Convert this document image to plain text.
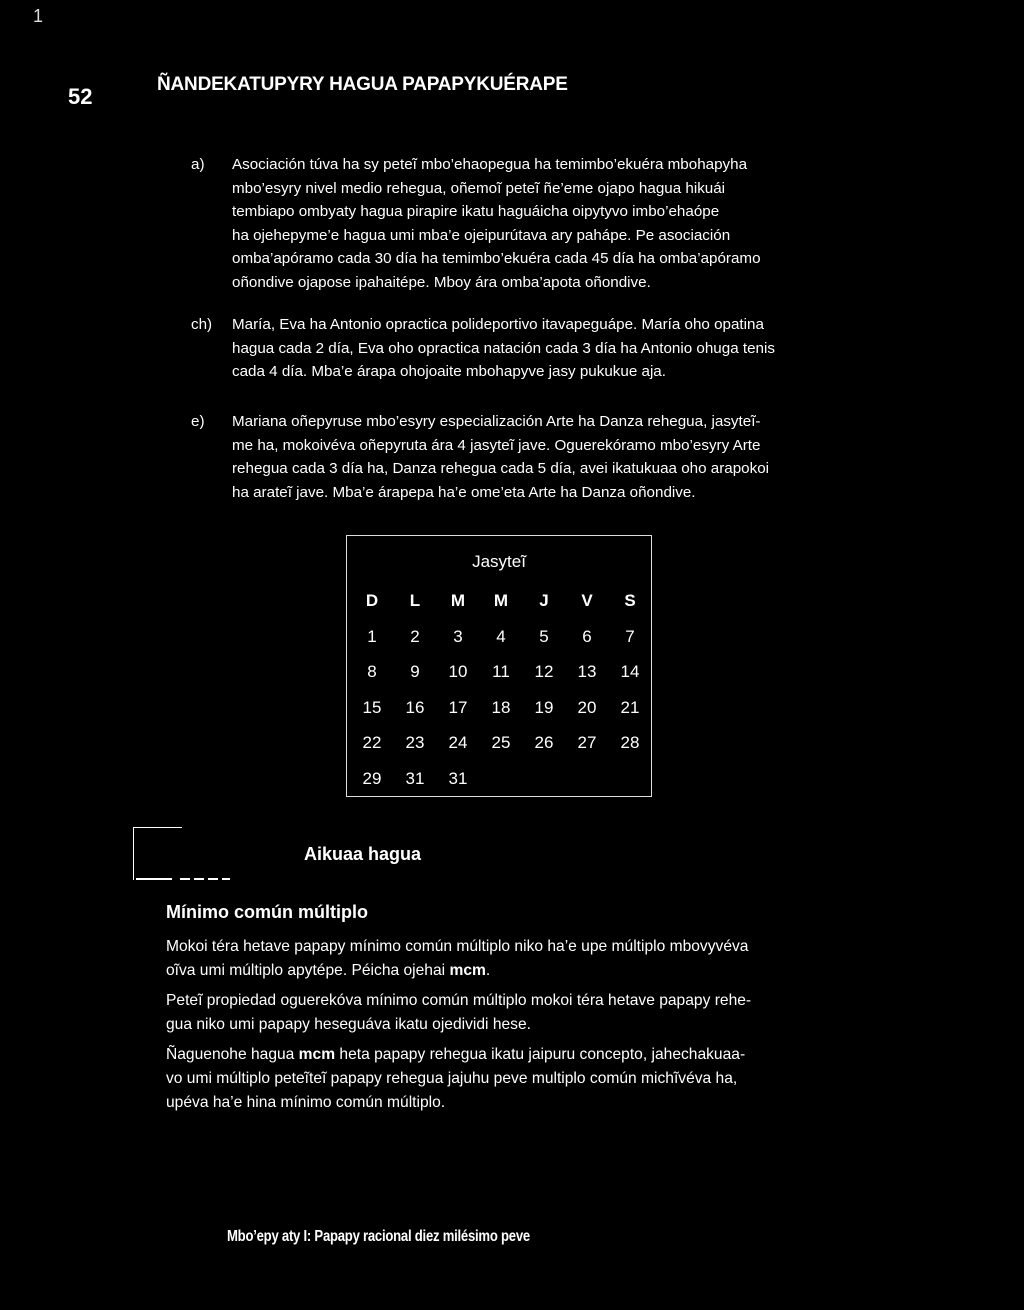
1
52	ÑANDEKATUPYRY HAGUA PAPAPYKUÉRAPE
a) Asociación túva ha sy peteĩ mbo’ehaopegua ha temimbo’ekuéra mbohapyha
mbo’esyry nivel medio rehegua, oñemoĩ peteĩ ñe’eme ojapo hagua hikuái
tembiapo ombyaty hagua pirapire ikatu haguáicha oipytyvo imbo’ehaópe
ha ojehepyme’e hagua umi mba’e ojeipurútava ary paháp​e. Pe asociación
omba’apóramo cada 30 día ha temimbo’ekuéra cada 45 día ha omba’apóramo
oñondive ojapose ipahaitépe. Mboy ára omba’apota oñondive.
ch) María, Eva ha Antonio opractica polideportivo itavapeguápe. María oho opatina
hagua cada 2 día, Eva oho opractica natación cada 3 día ha Antonio ohuga tenis
cada 4 día. Mba’e árapa ohojoaite mbohapyve jasy pukukue aja.
e) Mariana oñepyruse mbo’esyry especialización Arte ha Danza rehegua, jasyteĩ-
me ha, mokoivéva oñepyruta ára 4 jasyteĩ jave. Oguerekóramo mbo’esyry Arte
rehegua cada 3 día ha, Danza rehegua cada 5 día, avei ikatukuaa oho arapokoi
ha arateĩ jave. Mba’e árapepa ha’e ome’eta Arte ha Danza oñondive.
Jasyteĩ
D	L	M	M	J	V	S
1	2	3	4	5	6	7
8	9	10	11	12	13	14
15	16	17	18	19	20	21
22	23	24	25	26	27	28
29	31	31
Aikuaa hagua
Mínimo común múltiplo
Mokoi téra hetave papapy mínimo común múltiplo niko ha’e upe múltiplo mbovyvéva
oĩva umi múltiplo apytépe. Péicha ojehai mcm.
Peteĩ propiedad oguerekóva mínimo común múltiplo mokoi téra hetave papapy rehe-
gua niko umi papapy heseguáva ikatu ojedividi hese.
Ñaguenohe hagua mcm heta papapy rehegua ikatu jaipuru concepto, jahechakuaa-
vo umi múltiplo peteĩteĩ papapy rehegua jajuhu peve multiplo común michĩvéva ha,
upéva ha’e hina mínimo común múltiplo.
Mbo’epy aty I: Papapy racional diez milésimo peve
